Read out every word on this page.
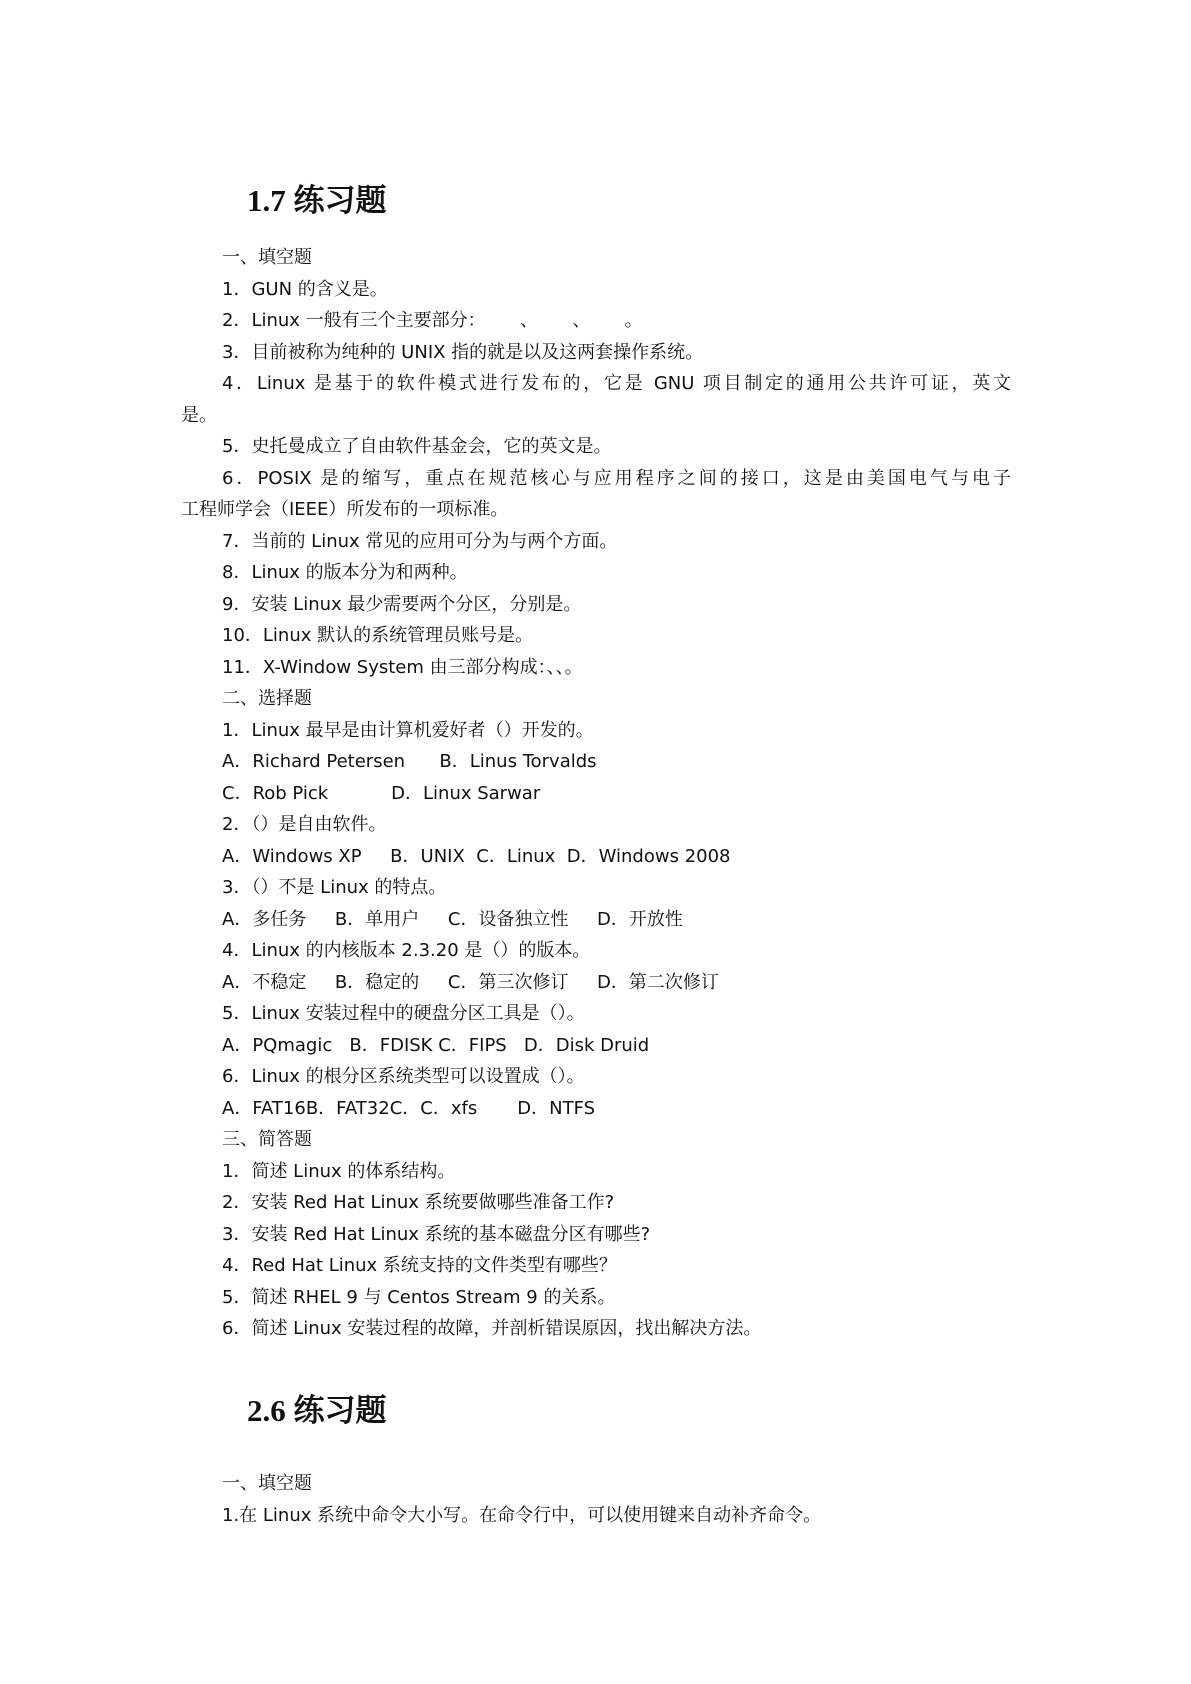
1.7 练习题
一、填空题
1．GUN 的含义是。
2．Linux 一般有三个主要部分：      、      、      。
3．目前被称为纯种的 UNIX 指的就是以及这两套操作系统。
4．Linux 是基于的软件模式进行发布的，它是 GNU 项目制定的通用公共许可证，英文
是。
5．史托曼成立了自由软件基金会，它的英文是。
6．POSIX 是的缩写，重点在规范核心与应用程序之间的接口，这是由美国电气与电子
工程师学会（IEEE）所发布的一项标准。
7．当前的 Linux 常见的应用可分为与两个方面。
8．Linux 的版本分为和两种。
9．安装 Linux 最少需要两个分区，分别是。
10．Linux 默认的系统管理员账号是。
11．X-Window System 由三部分构成：、、。
二、选择题
1．Linux 最早是由计算机爱好者（）开发的。
A．Richard Petersen      B．Linus Torvalds
C．Rob Pick           D．Linux Sarwar
2．（）是自由软件。
A．Windows XP     B．UNIX  C．Linux  D．Windows 2008
3．（）不是 Linux 的特点。
A．多任务     B．单用户     C．设备独立性     D．开放性
4．Linux 的内核版本 2.3.20 是（）的版本。
A．不稳定     B．稳定的     C．第三次修订     D．第二次修订
5．Linux 安装过程中的硬盘分区工具是（）。
A．PQmagic   B．FDISK C．FIPS   D．Disk Druid
6．Linux 的根分区系统类型可以设置成（）。
A．FAT16B．FAT32C．C．xfs       D．NTFS
三、简答题
1．简述 Linux 的体系结构。
2．安装 Red Hat Linux 系统要做哪些准备工作?
3．安装 Red Hat Linux 系统的基本磁盘分区有哪些?
4．Red Hat Linux 系统支持的文件类型有哪些？
5．简述 RHEL 9 与 Centos Stream 9 的关系。
6．简述 Linux 安装过程的故障，并剖析错误原因，找出解决方法。
2.6 练习题
一、填空题
1.在 Linux 系统中命令大小写。在命令行中，可以使用键来自动补齐命令。
